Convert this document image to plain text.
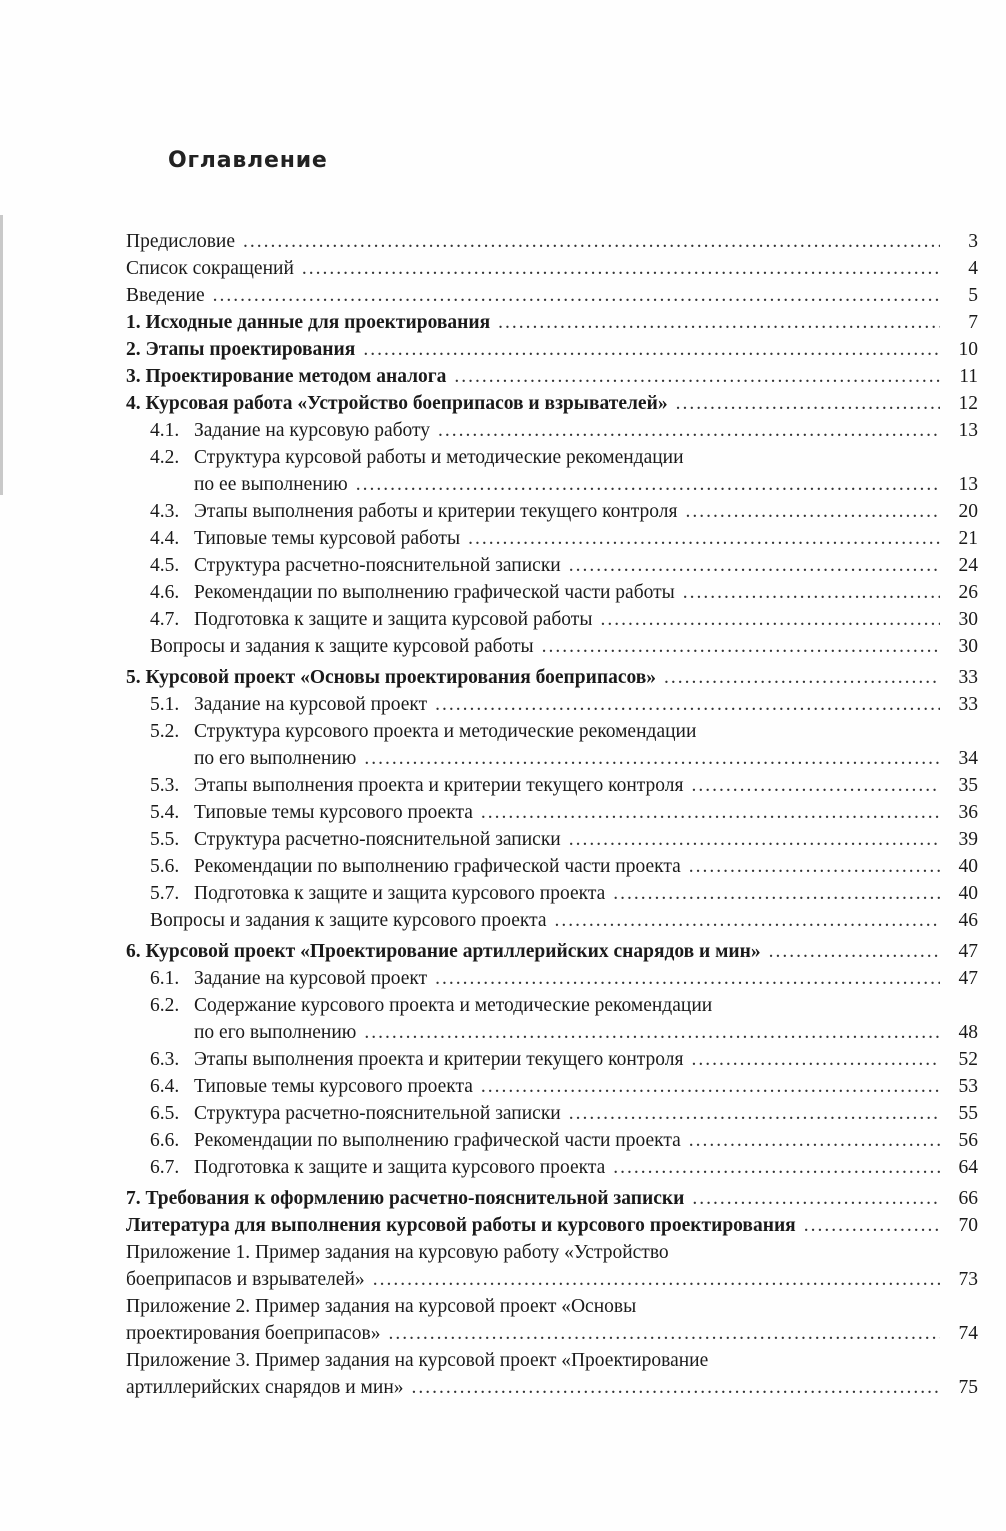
Оглавление
Предисловие .....	3
Список сокращений .....	4
Введение .....	5
1. Исходные данные для проектирования .....	7
2. Этапы проектирования .....	10
3. Проектирование методом аналога .....	11
4. Курсовая работа «Устройство боеприпасов и взрывателей» .....	12
4.1. Задание на курсовую работу .....	13
4.2. Структура курсовой работы и методические рекомендации
по ее выполнению .....	13
4.3. Этапы выполнения работы и критерии текущего контроля .....	20
4.4. Типовые темы курсовой работы .....	21
4.5. Структура расчетно-пояснительной записки .....	24
4.6. Рекомендации по выполнению графической части работы .....	26
4.7. Подготовка к защите и защита курсовой работы .....	30
Вопросы и задания к защите курсовой работы .....	30
5. Курсовой проект «Основы проектирования боеприпасов» .....	33
5.1. Задание на курсовой проект .....	33
5.2. Структура курсового проекта и методические рекомендации
по его выполнению .....	34
5.3. Этапы выполнения проекта и критерии текущего контроля .....	35
5.4. Типовые темы курсового проекта .....	36
5.5. Структура расчетно-пояснительной записки .....	39
5.6. Рекомендации по выполнению графической части проекта .....	40
5.7. Подготовка к защите и защита курсового проекта .....	40
Вопросы и задания к защите курсового проекта .....	46
6. Курсовой проект «Проектирование артиллерийских снарядов и мин» .....	47
6.1. Задание на курсовой проект .....	47
6.2. Содержание курсового проекта и методические рекомендации
по его выполнению .....	48
6.3. Этапы выполнения проекта и критерии текущего контроля .....	52
6.4. Типовые темы курсового проекта .....	53
6.5. Структура расчетно-пояснительной записки .....	55
6.6. Рекомендации по выполнению графической части проекта .....	56
6.7. Подготовка к защите и защита курсового проекта .....	64
7. Требования к оформлению расчетно-пояснительной записки .....	66
Литература для выполнения курсовой работы и курсового проектирования .....	70
Приложение 1. Пример задания на курсовую работу «Устройство
боеприпасов и взрывателей» .....	73
Приложение 2. Пример задания на курсовой проект «Основы
проектирования боеприпасов» .....	74
Приложение 3. Пример задания на курсовой проект «Проектирование
артиллерийских снарядов и мин» .....	75
